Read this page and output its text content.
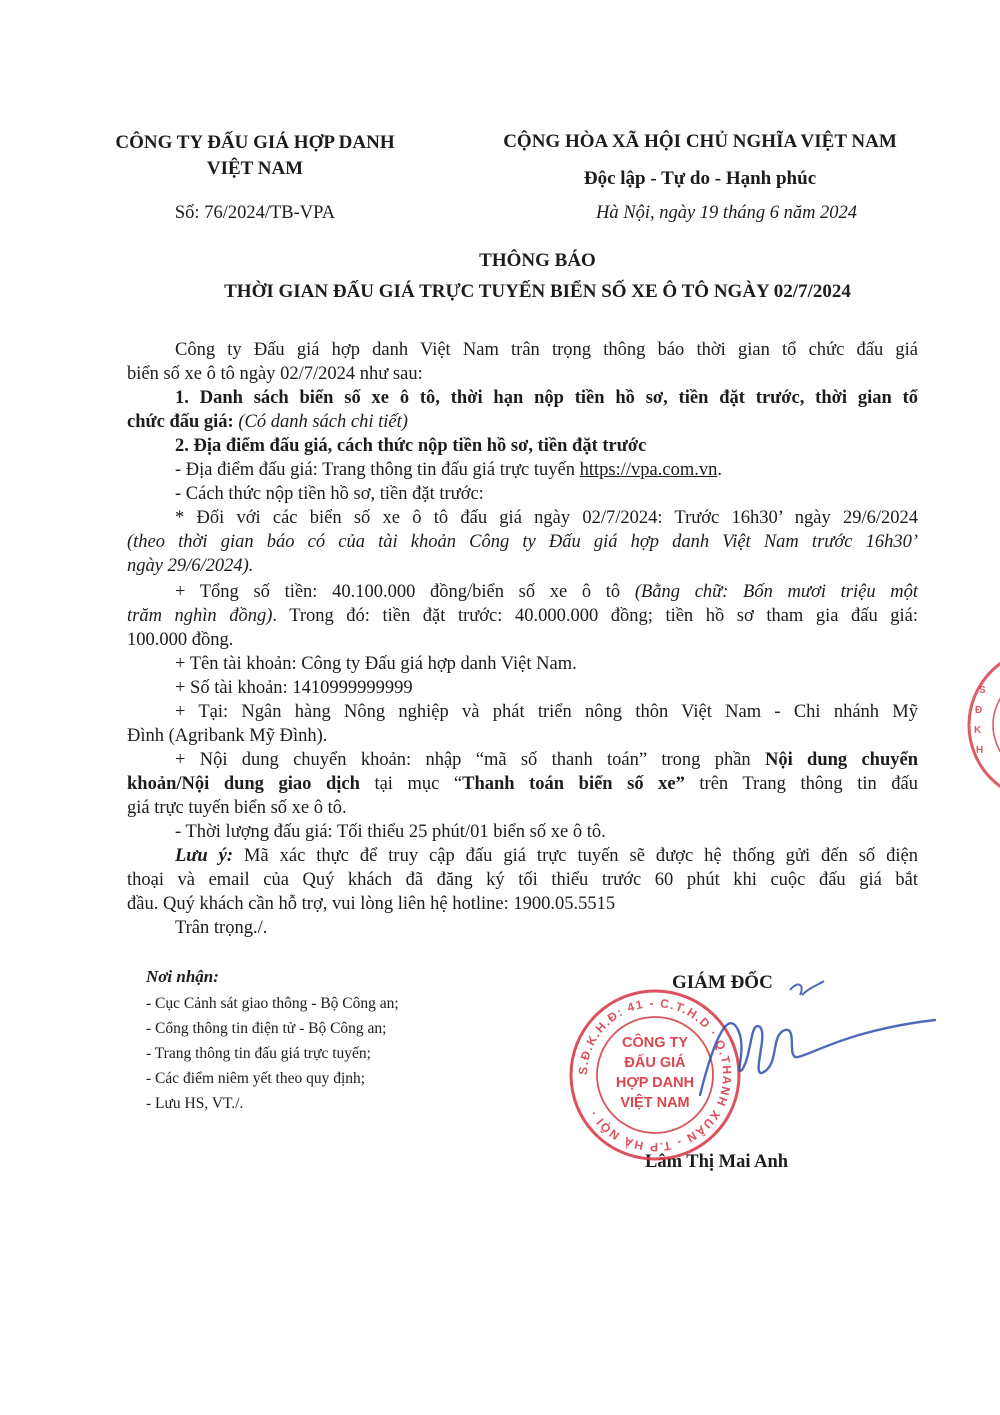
CÔNG TY ĐẤU GIÁ HỢP DANH
VIỆT NAM
Số: 76/2024/TB-VPA
CỘNG HÒA XÃ HỘI CHỦ NGHĨA VIỆT NAM
Độc lập - Tự do - Hạnh phúc
Hà Nội, ngày 19 tháng 6 năm 2024
THÔNG BÁO
THỜI GIAN ĐẤU GIÁ TRỰC TUYẾN BIỂN SỐ XE Ô TÔ NGÀY 02/7/2024
Công ty Đấu giá hợp danh Việt Nam trân trọng thông báo thời gian tổ chức đấu giá
biển số xe ô tô ngày 02/7/2024 như sau:
1. Danh sách biển số xe ô tô, thời hạn nộp tiền hồ sơ, tiền đặt trước, thời gian tổ
chức đấu giá: (Có danh sách chi tiết)
2. Địa điểm đấu giá, cách thức nộp tiền hồ sơ, tiền đặt trước
- Địa điểm đấu giá: Trang thông tin đấu giá trực tuyến https://vpa.com.vn.
- Cách thức nộp tiền hồ sơ, tiền đặt trước:
* Đối với các biển số xe ô tô đấu giá ngày 02/7/2024: Trước 16h30’ ngày 29/6/2024
(theo thời gian báo có của tài khoản Công ty Đấu giá hợp danh Việt Nam trước 16h30’
ngày 29/6/2024).
+ Tổng số tiền: 40.100.000 đồng/biển số xe ô tô (Bằng chữ: Bốn mươi triệu một
trăm nghìn đồng). Trong đó: tiền đặt trước: 40.000.000 đồng; tiền hồ sơ tham gia đấu giá:
100.000 đồng.
+ Tên tài khoản: Công ty Đấu giá hợp danh Việt Nam.
+ Số tài khoản: 1410999999999
+ Tại: Ngân hàng Nông nghiệp và phát triển nông thôn Việt Nam - Chi nhánh Mỹ
Đình (Agribank Mỹ Đình).
+ Nội dung chuyển khoản: nhập “mã số thanh toán” trong phần Nội dung chuyển
khoản/Nội dung giao dịch tại mục “Thanh toán biển số xe” trên Trang thông tin đấu
giá trực tuyến biển số xe ô tô.
- Thời lượng đấu giá: Tối thiểu 25 phút/01 biển số xe ô tô.
Lưu ý: Mã xác thực để truy cập đấu giá trực tuyến sẽ được hệ thống gửi đến số điện
thoại và email của Quý khách đã đăng ký tối thiểu trước 60 phút khi cuộc đấu giá bắt
đầu. Quý khách cần hỗ trợ, vui lòng liên hệ hotline: 1900.05.5515
Trân trọng./.
Nơi nhận:
- Cục Cảnh sát giao thông - Bộ Công an;
- Cổng thông tin điện tử - Bộ Công an;
- Trang thông tin đấu giá trực tuyến;
- Các điểm niêm yết theo quy định;
- Lưu HS, VT./.
GIÁM ĐỐC
Lâm Thị Mai Anh
S.Đ.K.H.Đ: 41 - C.T.H.D · Q.THANH XUÂN - T.P HÀ NỘI ·
CÔNG TY
ĐẤU GIÁ
HỢP DANH
VIỆT NAM
S
Đ
K
H
